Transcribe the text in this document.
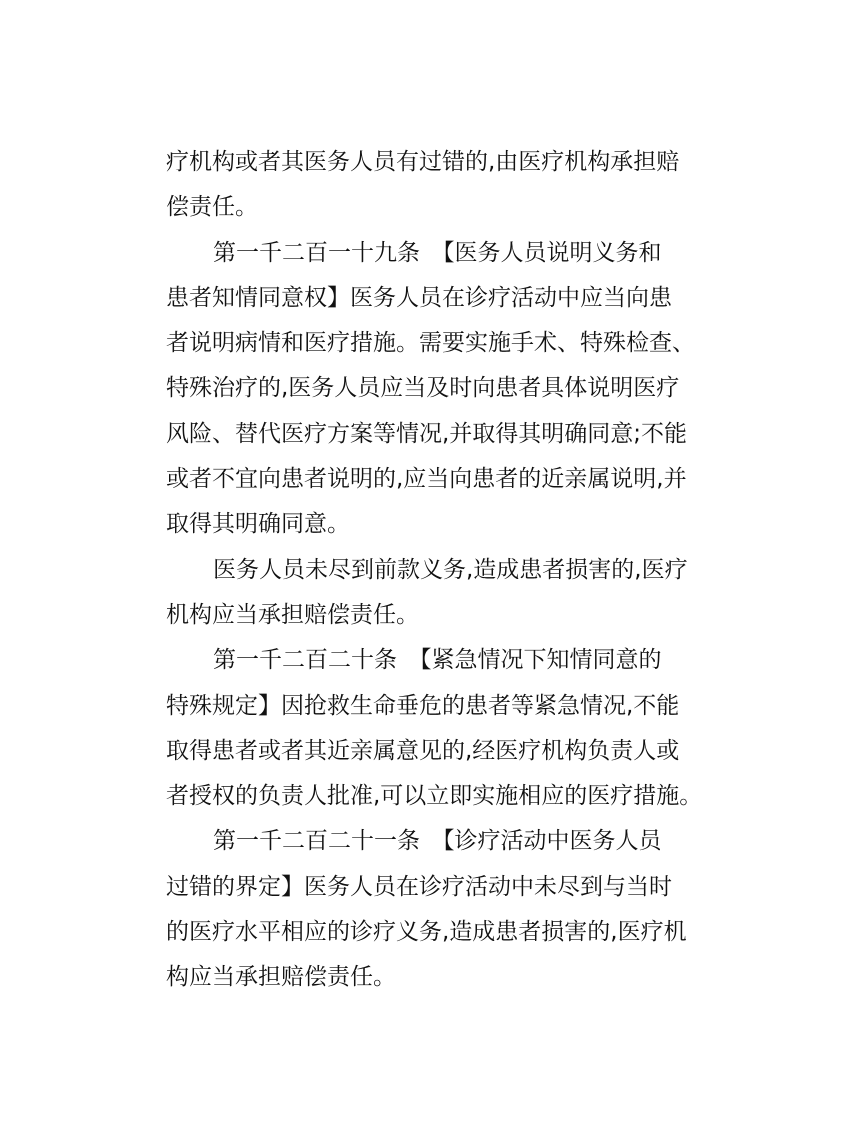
疗机构或者其医务人员有过错的,由医疗机构承担赔
偿责任。
第一千二百一十九条　【医务人员说明义务和
患者知情同意权】医务人员在诊疗活动中应当向患
者说明病情和医疗措施。需要实施手术、特殊检查、
特殊治疗的,医务人员应当及时向患者具体说明医疗
风险、替代医疗方案等情况,并取得其明确同意;不能
或者不宜向患者说明的,应当向患者的近亲属说明,并
取得其明确同意。
医务人员未尽到前款义务,造成患者损害的,医疗
机构应当承担赔偿责任。
第一千二百二十条　【紧急情况下知情同意的
特殊规定】因抢救生命垂危的患者等紧急情况,不能
取得患者或者其近亲属意见的,经医疗机构负责人或
者授权的负责人批准,可以立即实施相应的医疗措施。
第一千二百二十一条　【诊疗活动中医务人员
过错的界定】医务人员在诊疗活动中未尽到与当时
的医疗水平相应的诊疗义务,造成患者损害的,医疗机
构应当承担赔偿责任。
